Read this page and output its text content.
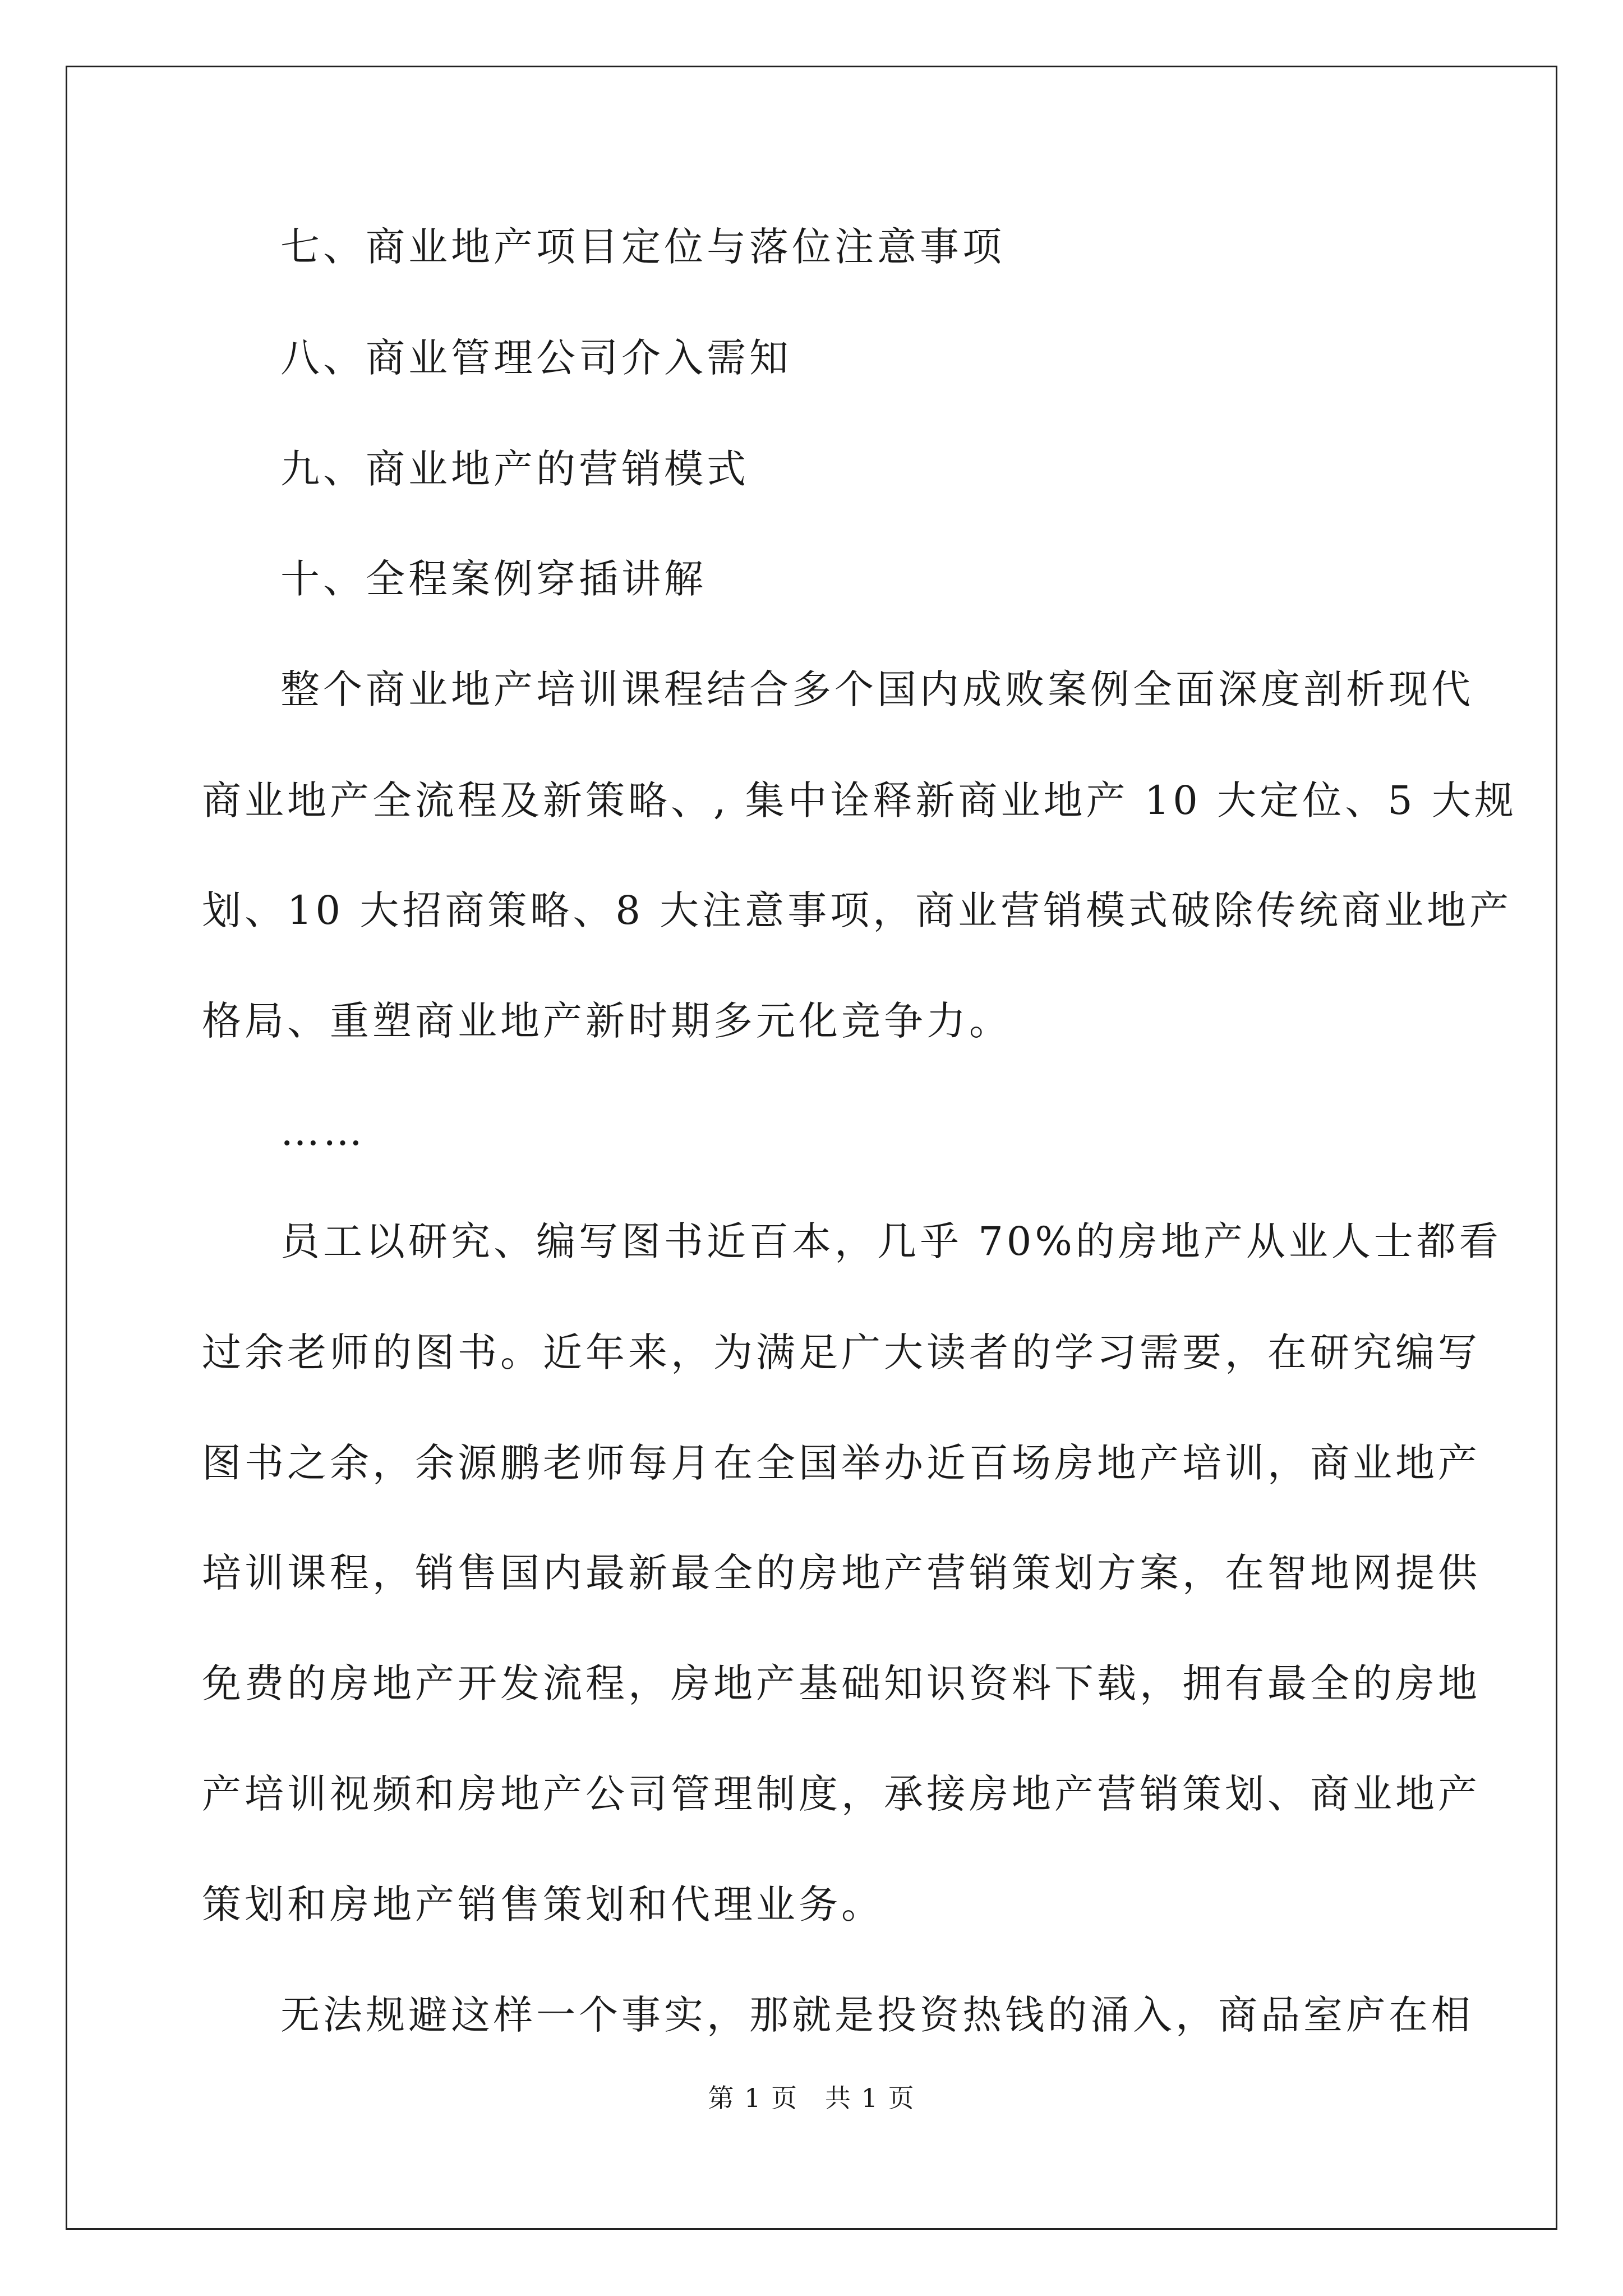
七、商业地产项目定位与落位注意事项
八、商业管理公司介入需知
九、商业地产的营销模式
十、全程案例穿插讲解
整个商业地产培训课程结合多个国内成败案例全面深度剖析现代
商业地产全流程及新策略、, 集中诠释新商业地产 10 大定位、5 大规
划、10 大招商策略、8 大注意事项，商业营销模式破除传统商业地产
格局、重塑商业地产新时期多元化竞争力。
……
员工以研究、编写图书近百本，几乎 70%的房地产从业人士都看
过余老师的图书。近年来，为满足广大读者的学习需要，在研究编写
图书之余，余源鹏老师每月在全国举办近百场房地产培训，商业地产
培训课程，销售国内最新最全的房地产营销策划方案，在智地网提供
免费的房地产开发流程，房地产基础知识资料下载，拥有最全的房地
产培训视频和房地产公司管理制度，承接房地产营销策划、商业地产
策划和房地产销售策划和代理业务。
无法规避这样一个事实，那就是投资热钱的涌入，商品室庐在相
第 1 页　共 1 页
